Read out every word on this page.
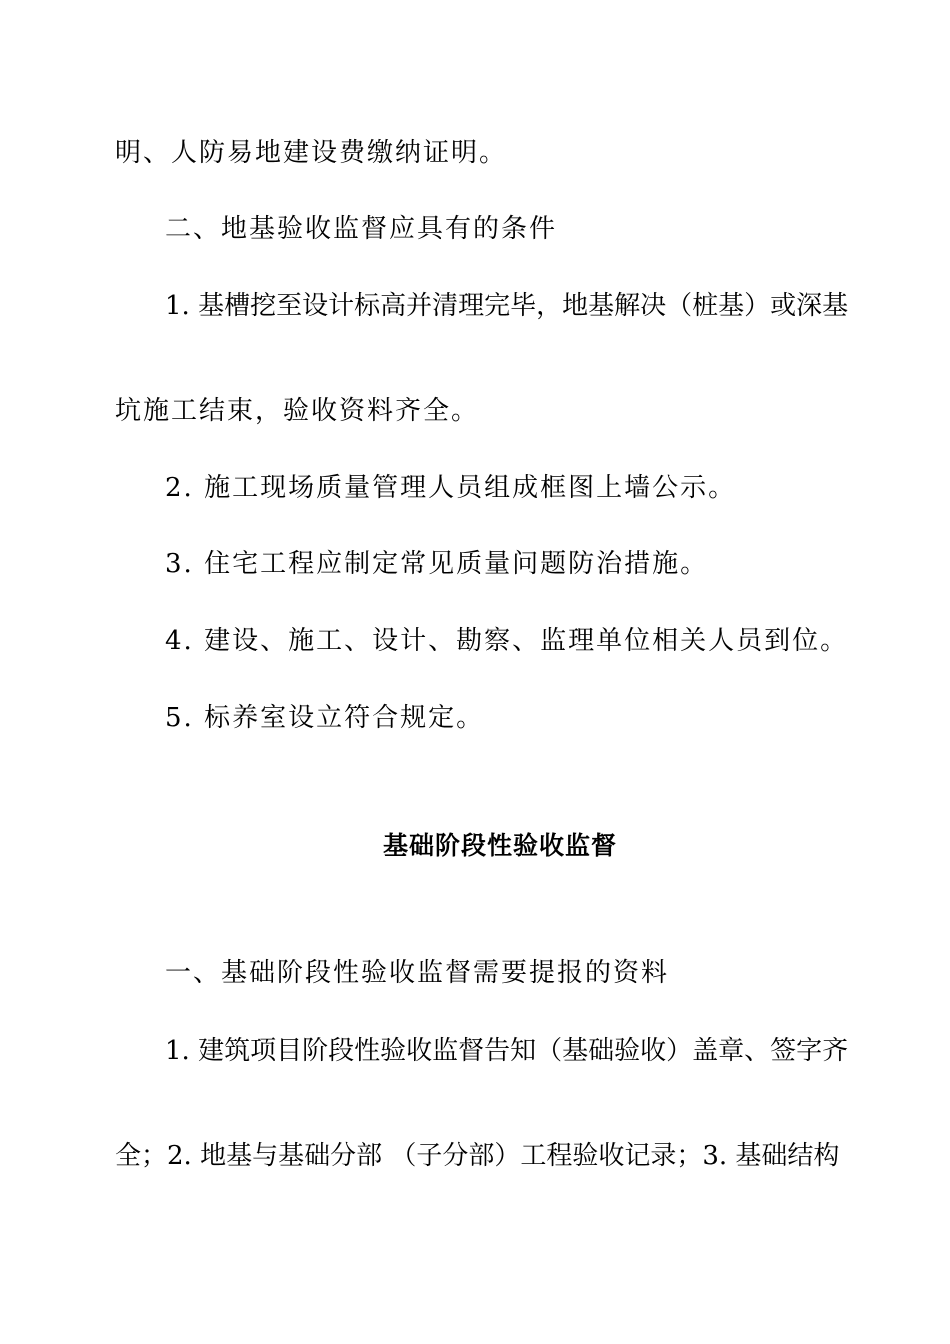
明、人防易地建设费缴纳证明。

二、地基验收监督应具有的条件

1. 基槽挖至设计标高并清理完毕，地基解决（桩基）或深基

坑施工结束，验收资料齐全。

2. 施工现场质量管理人员组成框图上墙公示。

3. 住宅工程应制定常见质量问题防治措施。

4. 建设、施工、设计、勘察、监理单位相关人员到位。

5. 标养室设立符合规定。

基础阶段性验收监督

一、基础阶段性验收监督需要提报的资料

1. 建筑项目阶段性验收监督告知（基础验收）盖章、签字齐

全；2. 地基与基础分部 （子分部）工程验收记录；3. 基础结构
